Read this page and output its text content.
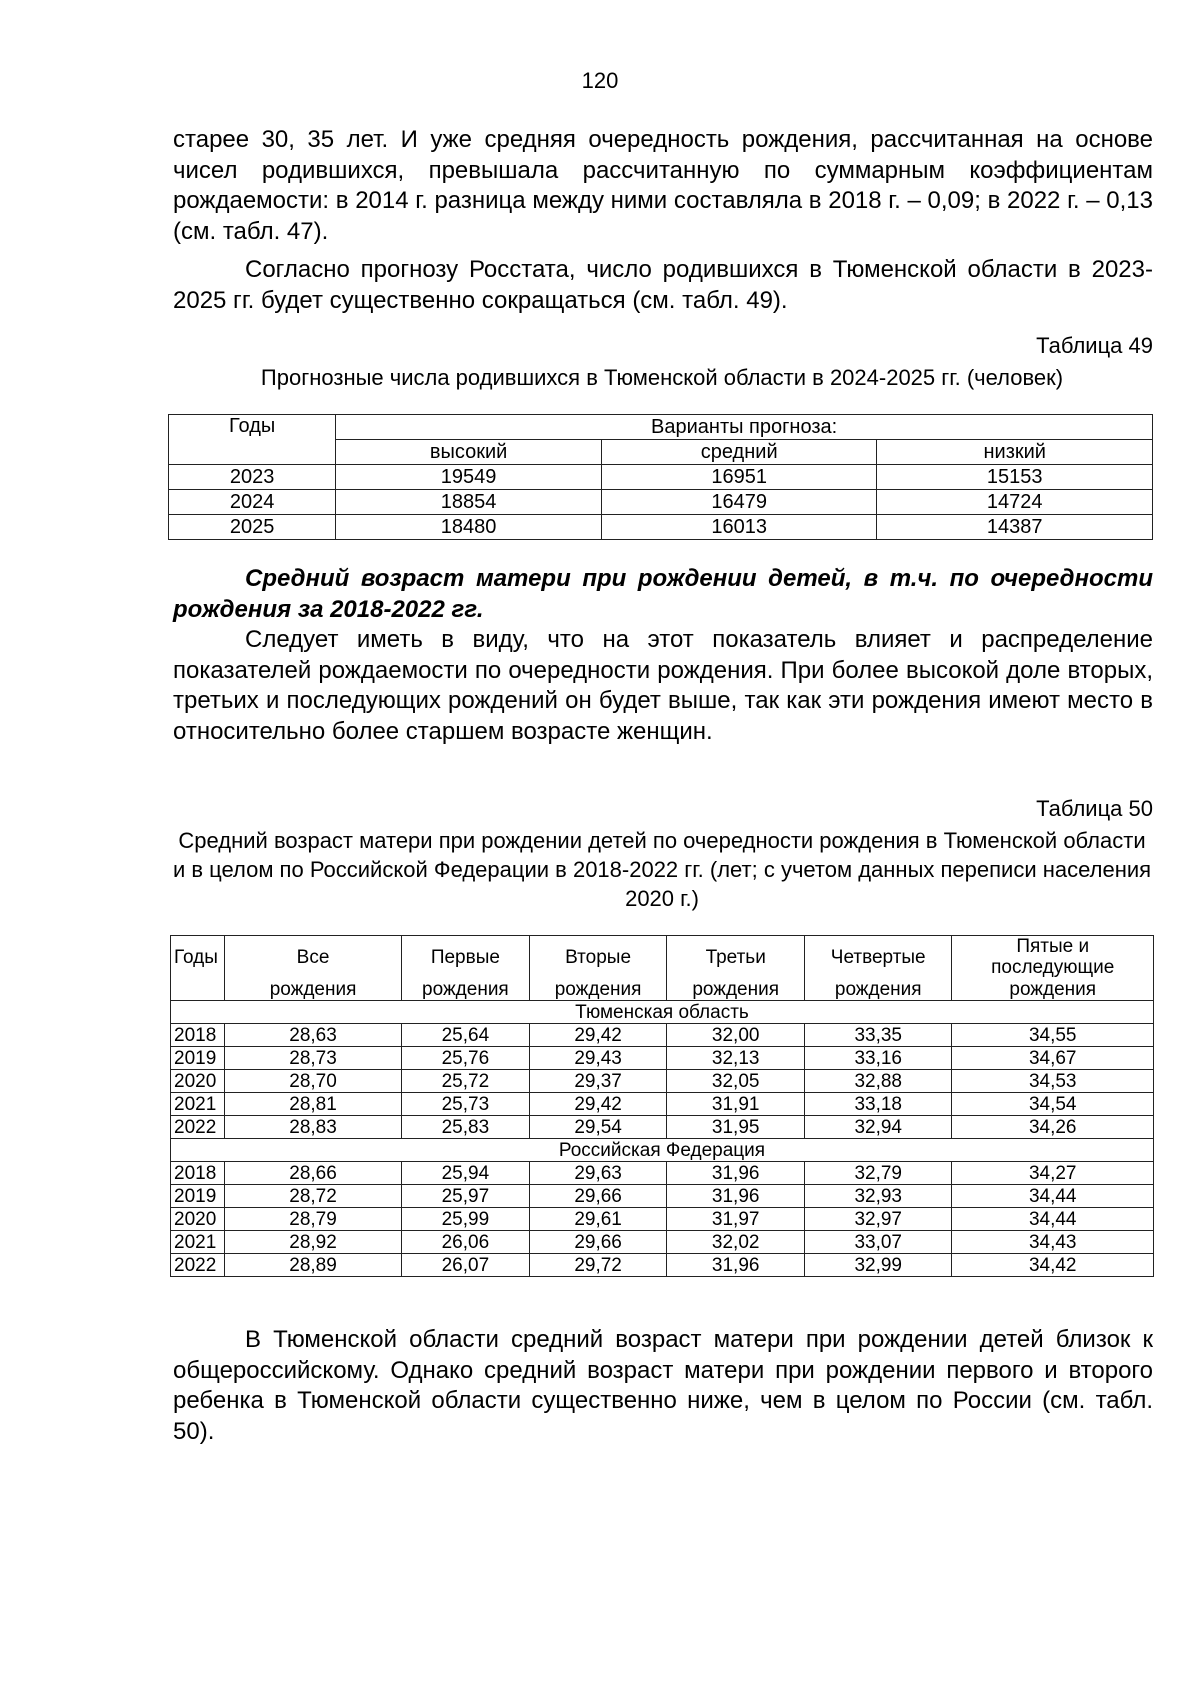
120

старее 30, 35 лет. И уже средняя очередность рождения, рассчитанная на основе чисел родившихся, превышала рассчитанную по суммарным коэффициентам рождаемости: в 2014 г. разница между ними составляла в 2018 г. – 0,09; в 2022 г. – 0,13 (см. табл. 47).

Согласно прогнозу Росстата, число родившихся в Тюменской области в 2023-2025 гг. будет существенно сокращаться (см. табл. 49).

Таблица 49
Прогнозные числа родившихся в Тюменской области в 2024-2025 гг. (человек)
Годы	Варианты прогноза:		
	высокий	средний	низкий
2023	19549	16951	15153
2024	18854	16479	14724
2025	18480	16013	14387
Средний возраст матери при рождении детей, в т.ч. по очередности рождения за 2018-2022 гг.

Следует иметь в виду, что на этот показатель влияет и распределение показателей рождаемости по очередности рождения. При более высокой доле вторых, третьих и последующих рождений он будет выше, так как эти рождения имеют место в относительно более старшем возрасте женщин.

Таблица 50
Средний возраст матери при рождении детей по очередности рождения в Тюменской области и в целом по Российской Федерации в 2018-2022 гг. (лет; с учетом данных переписи населения 2020 г.)
Годы	Все	Первые	Вторые	Третьи	Четвертые	Пятые и последующие
	рождения	рождения	рождения	рождения	рождения	рождения
Тюменская область						
2018	28,63	25,64	29,42	32,00	33,35	34,55
2019	28,73	25,76	29,43	32,13	33,16	34,67
2020	28,70	25,72	29,37	32,05	32,88	34,53
2021	28,81	25,73	29,42	31,91	33,18	34,54
2022	28,83	25,83	29,54	31,95	32,94	34,26
Российская Федерация						
2018	28,66	25,94	29,63	31,96	32,79	34,27
2019	28,72	25,97	29,66	31,96	32,93	34,44
2020	28,79	25,99	29,61	31,97	32,97	34,44
2021	28,92	26,06	29,66	32,02	33,07	34,43
2022	28,89	26,07	29,72	31,96	32,99	34,42

В Тюменской области средний возраст матери при рождении детей близок к общероссийскому. Однако средний возраст матери при рождении первого и второго ребенка в Тюменской области существенно ниже, чем в целом по России (см. табл. 50).
